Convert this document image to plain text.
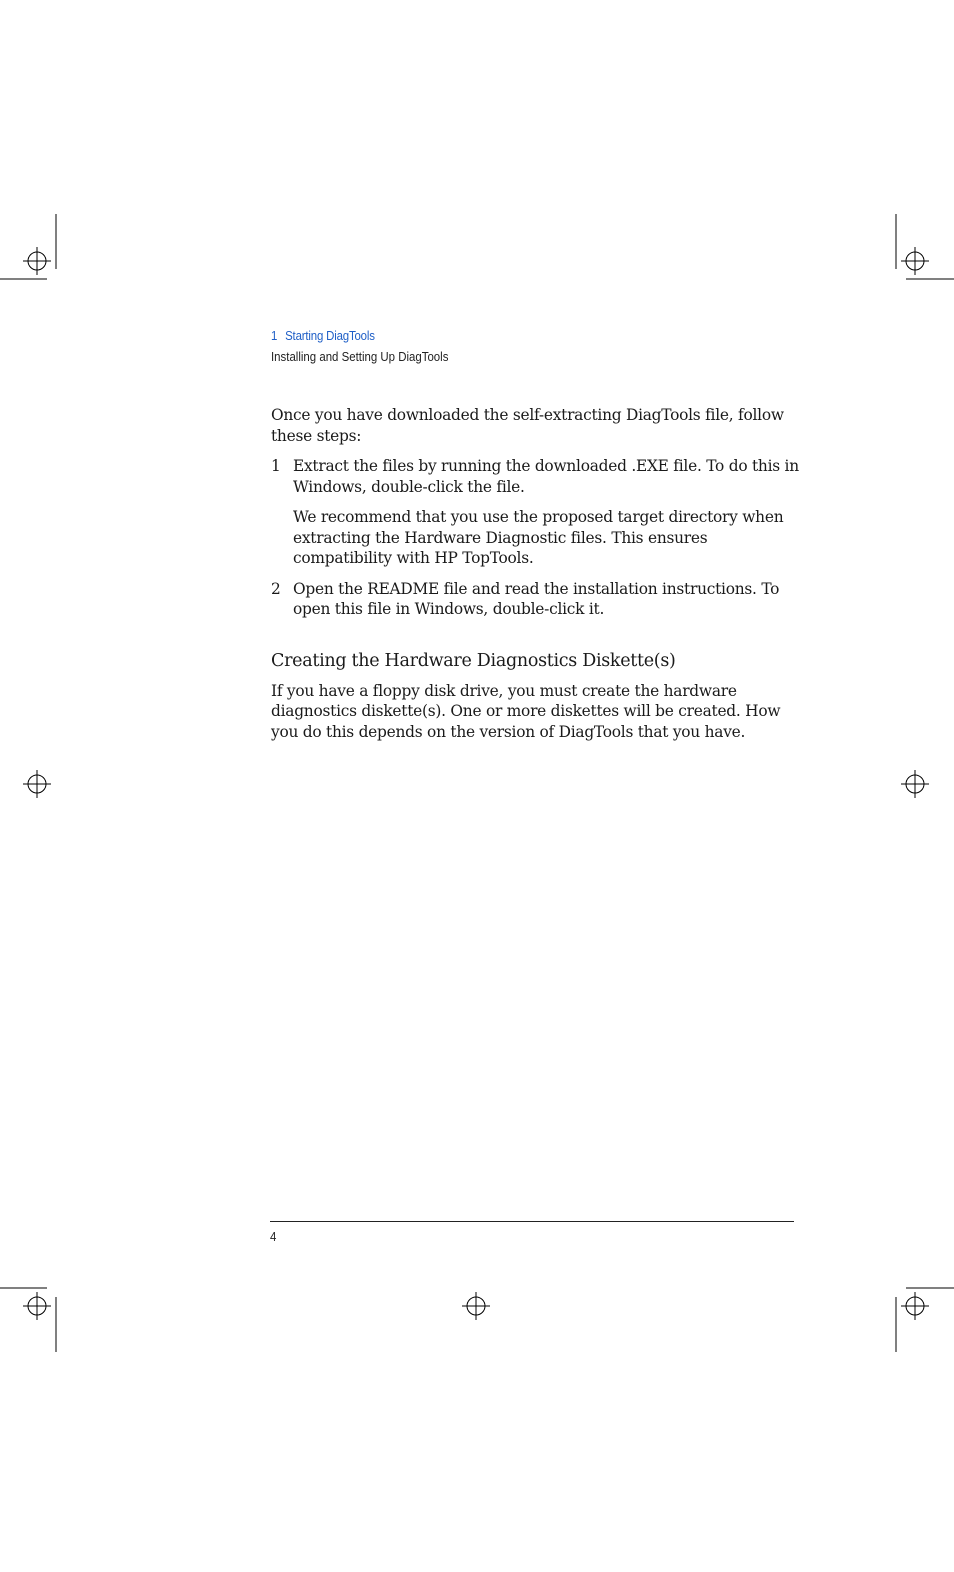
1 Starting DiagTools
Installing and Setting Up DiagTools

Once you have downloaded the self-extracting DiagTools file, follow these steps:

1 Extract the files by running the downloaded .EXE file. To do this in Windows, double-click the file.

We recommend that you use the proposed target directory when extracting the Hardware Diagnostic files. This ensures compatibility with HP TopTools.

2 Open the README file and read the installation instructions. To open this file in Windows, double-click it.

Creating the Hardware Diagnostics Diskette(s)

If you have a floppy disk drive, you must create the hardware diagnostics diskette(s). One or more diskettes will be created. How you do this depends on the version of DiagTools that you have.

4
